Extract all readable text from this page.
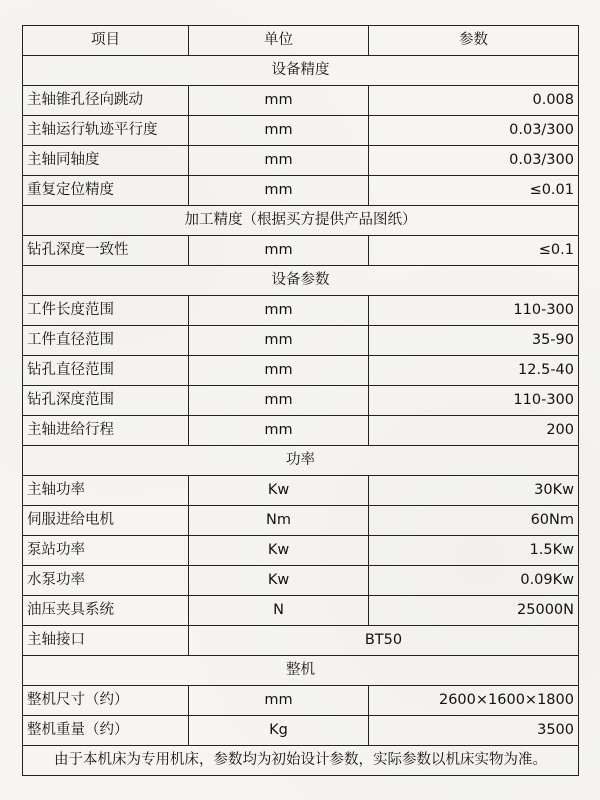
项目	单位	参数
设备精度		
主轴锥孔径向跳动	mm	0.008
主轴运行轨迹平行度	mm	0.03/300
主轴同轴度	mm	0.03/300
重复定位精度	mm	≤0.01
加工精度（根据买方提供产品图纸）		
钻孔深度一致性	mm	≤0.1
设备参数		
工件长度范围	mm	110-300
工件直径范围	mm	35-90
钻孔直径范围	mm	12.5-40
钻孔深度范围	mm	110-300
主轴进给行程	mm	200
功率		
主轴功率	Kw	30Kw
伺服进给电机	Nm	60Nm
泵站功率	Kw	1.5Kw
水泵功率	Kw	0.09Kw
油压夹具系统	N	25000N
主轴接口	BT50	
整机		
整机尺寸（约）	mm	2600×1600×1800
整机重量（约）	Kg	3500
由于本机床为专用机床，参数均为初始设计参数，实际参数以机床实物为准。		
